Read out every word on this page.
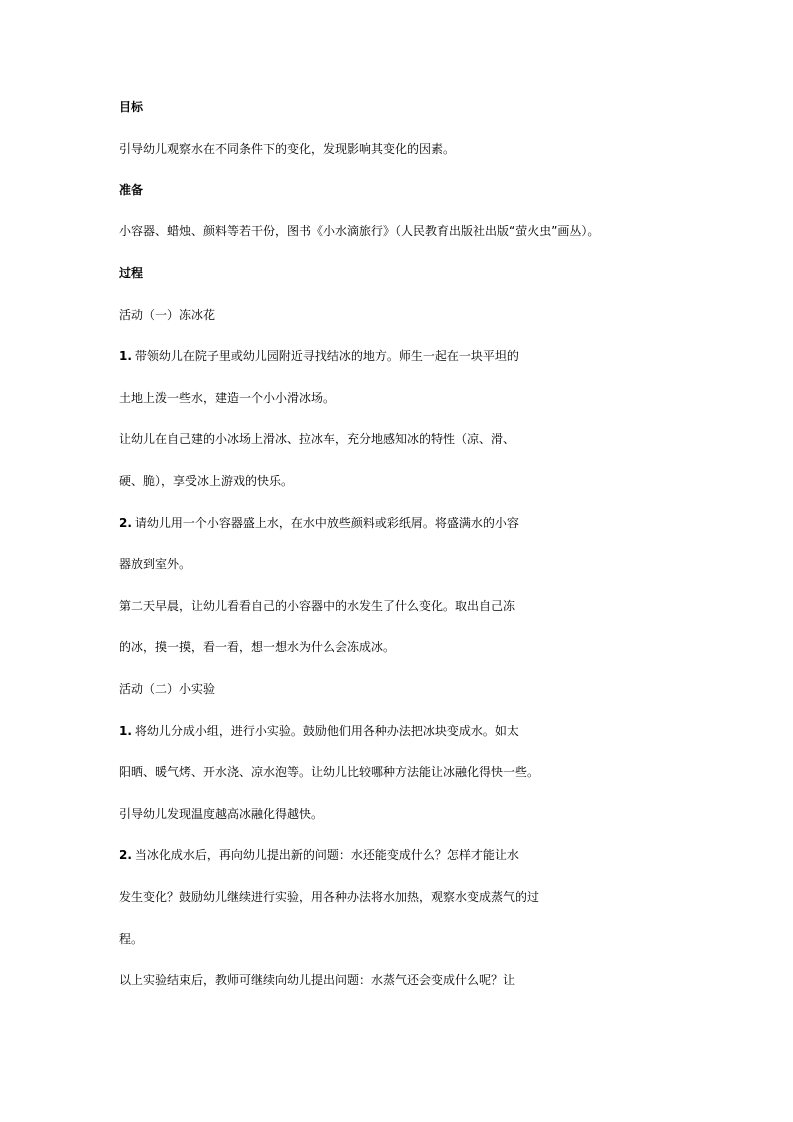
目标
引导幼儿观察水在不同条件下的变化，发现影响其变化的因素。
准备
小容器、蜡烛、颜料等若干份，图书《小水滴旅行》（人民教育出版社出版“萤火虫”画丛）。
过程
活动（一）冻冰花
1. 带领幼儿在院子里或幼儿园附近寻找结冰的地方。师生一起在一块平坦的
土地上泼一些水，建造一个小小滑冰场。
让幼儿在自己建的小冰场上滑冰、拉冰车，充分地感知冰的特性（凉、滑、
硬、脆），享受冰上游戏的快乐。
2. 请幼儿用一个小容器盛上水，在水中放些颜料或彩纸屑。将盛满水的小容
器放到室外。
第二天早晨，让幼儿看看自己的小容器中的水发生了什么变化。取出自己冻
的冰，摸一摸，看一看，想一想水为什么会冻成冰。
活动（二）小实验
1. 将幼儿分成小组，进行小实验。鼓励他们用各种办法把冰块变成水。如太
阳晒、暖气烤、开水浇、凉水泡等。让幼儿比较哪种方法能让冰融化得快一些。
引导幼儿发现温度越高冰融化得越快。
2. 当冰化成水后，再向幼儿提出新的问题：水还能变成什么？怎样才能让水
发生变化？鼓励幼儿继续进行实验，用各种办法将水加热，观察水变成蒸气的过
程。
以上实验结束后，教师可继续向幼儿提出问题：水蒸气还会变成什么呢？让
